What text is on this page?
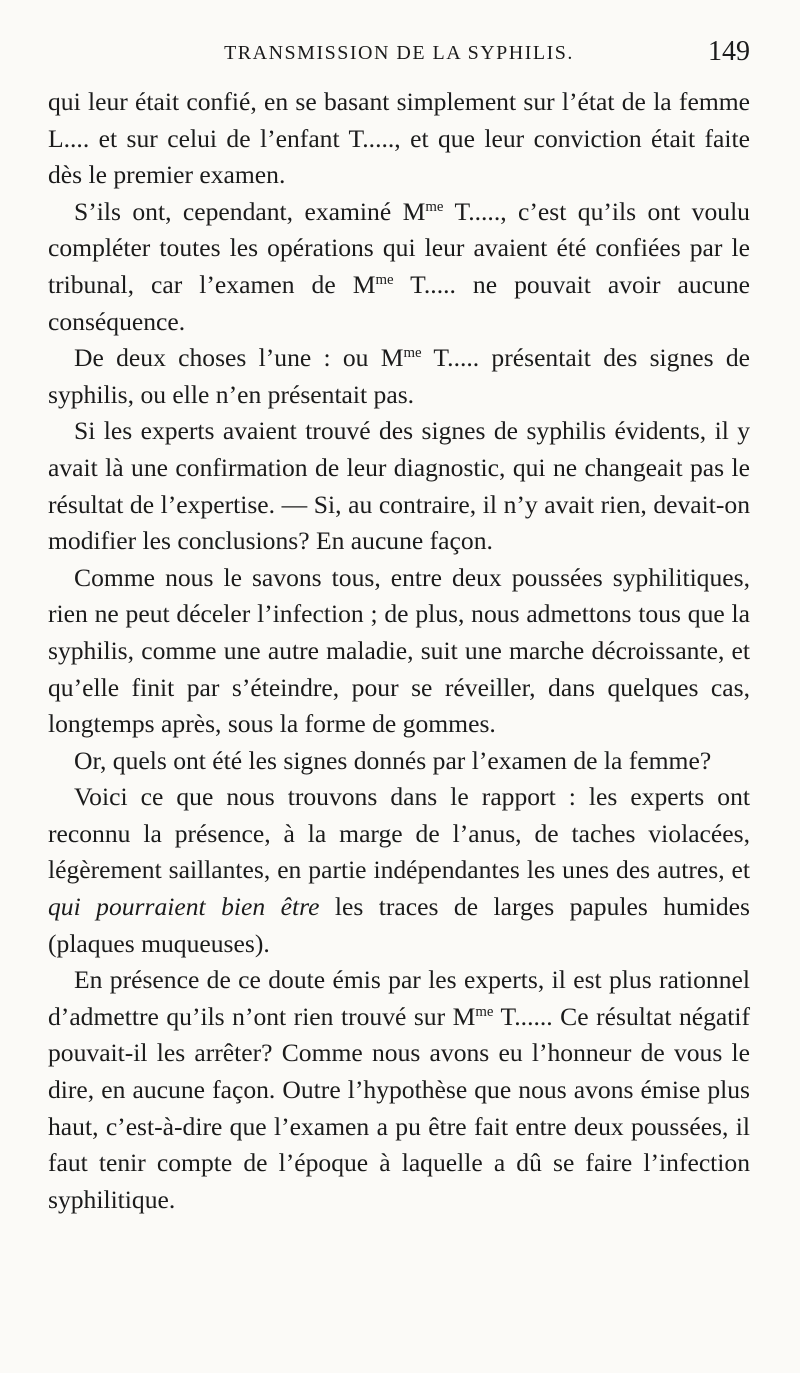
TRANSMISSION DE LA SYPHILIS.	149

qui leur était confié, en se basant simplement sur l’état de la femme L.... et sur celui de l’enfant T....., et que leur conviction était faite dès le premier examen.

S’ils ont, cependant, examiné $M^{me}$ T....., c’est qu’ils ont voulu compléter toutes les opérations qui leur avaient été confiées par le tribunal, car l’examen de $M^{me}$ T..... ne pouvait avoir aucune conséquence.

De deux choses l’une : ou $M^{me}$ T..... présentait des signes de syphilis, ou elle n’en présentait pas.

Si les experts avaient trouvé des signes de syphilis évidents, il y avait là une confirmation de leur diagnostic, qui ne changeait pas le résultat de l’expertise. — Si, au contraire, il n’y avait rien, devait-on modifier les conclusions? En aucune façon.

Comme nous le savons tous, entre deux poussées syphilitiques, rien ne peut déceler l’infection ; de plus, nous admettons tous que la syphilis, comme une autre maladie, suit une marche décroissante, et qu’elle finit par s’éteindre, pour se réveiller, dans quelques cas, longtemps après, sous la forme de gommes.

Or, quels ont été les signes donnés par l’examen de la femme?

Voici ce que nous trouvons dans le rapport : les experts ont reconnu la présence, à la marge de l’anus, de taches violacées, légèrement saillantes, en partie indépendantes les unes des autres, et qui pourraient bien être les traces de larges papules humides (plaques muqueuses).

En présence de ce doute émis par les experts, il est plus rationnel d’admettre qu’ils n’ont rien trouvé sur $M^{me}$ T...... Ce résultat négatif pouvait-il les arrêter? Comme nous avons eu l’honneur de vous le dire, en aucune façon. Outre l’hypothèse que nous avons émise plus haut, c’est-à-dire que l’examen a pu être fait entre deux poussées, il faut tenir compte de l’époque à laquelle a dû se faire l’infection syphilitique.
